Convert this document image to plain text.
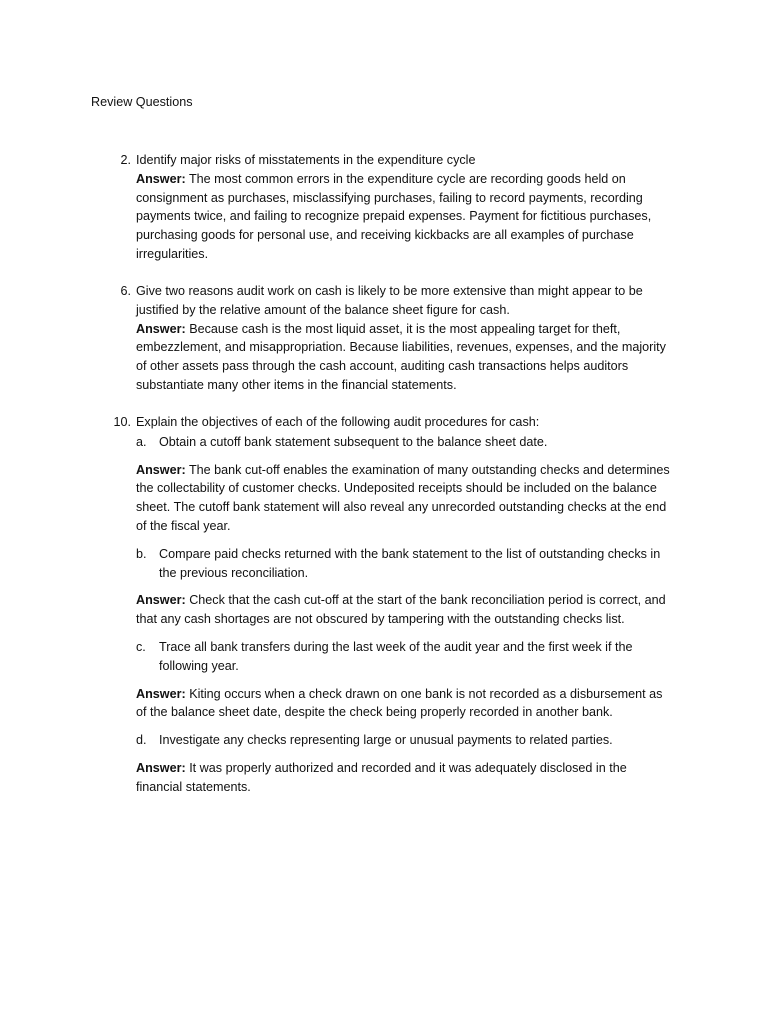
Review Questions
2. Identify major risks of misstatements in the expenditure cycle
Answer: The most common errors in the expenditure cycle are recording goods held on consignment as purchases, misclassifying purchases, failing to record payments, recording payments twice, and failing to recognize prepaid expenses. Payment for fictitious purchases, purchasing goods for personal use, and receiving kickbacks are all examples of purchase irregularities.
6. Give two reasons audit work on cash is likely to be more extensive than might appear to be justified by the relative amount of the balance sheet figure for cash.
Answer: Because cash is the most liquid asset, it is the most appealing target for theft, embezzlement, and misappropriation. Because liabilities, revenues, expenses, and the majority of other assets pass through the cash account, auditing cash transactions helps auditors substantiate many other items in the financial statements.
10. Explain the objectives of each of the following audit procedures for cash:
a. Obtain a cutoff bank statement subsequent to the balance sheet date.
Answer: The bank cut-off enables the examination of many outstanding checks and determines the collectability of customer checks. Undeposited receipts should be included on the balance sheet. The cutoff bank statement will also reveal any unrecorded outstanding checks at the end of the fiscal year.
b. Compare paid checks returned with the bank statement to the list of outstanding checks in the previous reconciliation.
Answer: Check that the cash cut-off at the start of the bank reconciliation period is correct, and that any cash shortages are not obscured by tampering with the outstanding checks list.
c. Trace all bank transfers during the last week of the audit year and the first week if the following year.
Answer: Kiting occurs when a check drawn on one bank is not recorded as a disbursement as of the balance sheet date, despite the check being properly recorded in another bank.
d. Investigate any checks representing large or unusual payments to related parties.
Answer: It was properly authorized and recorded and it was adequately disclosed in the financial statements.
